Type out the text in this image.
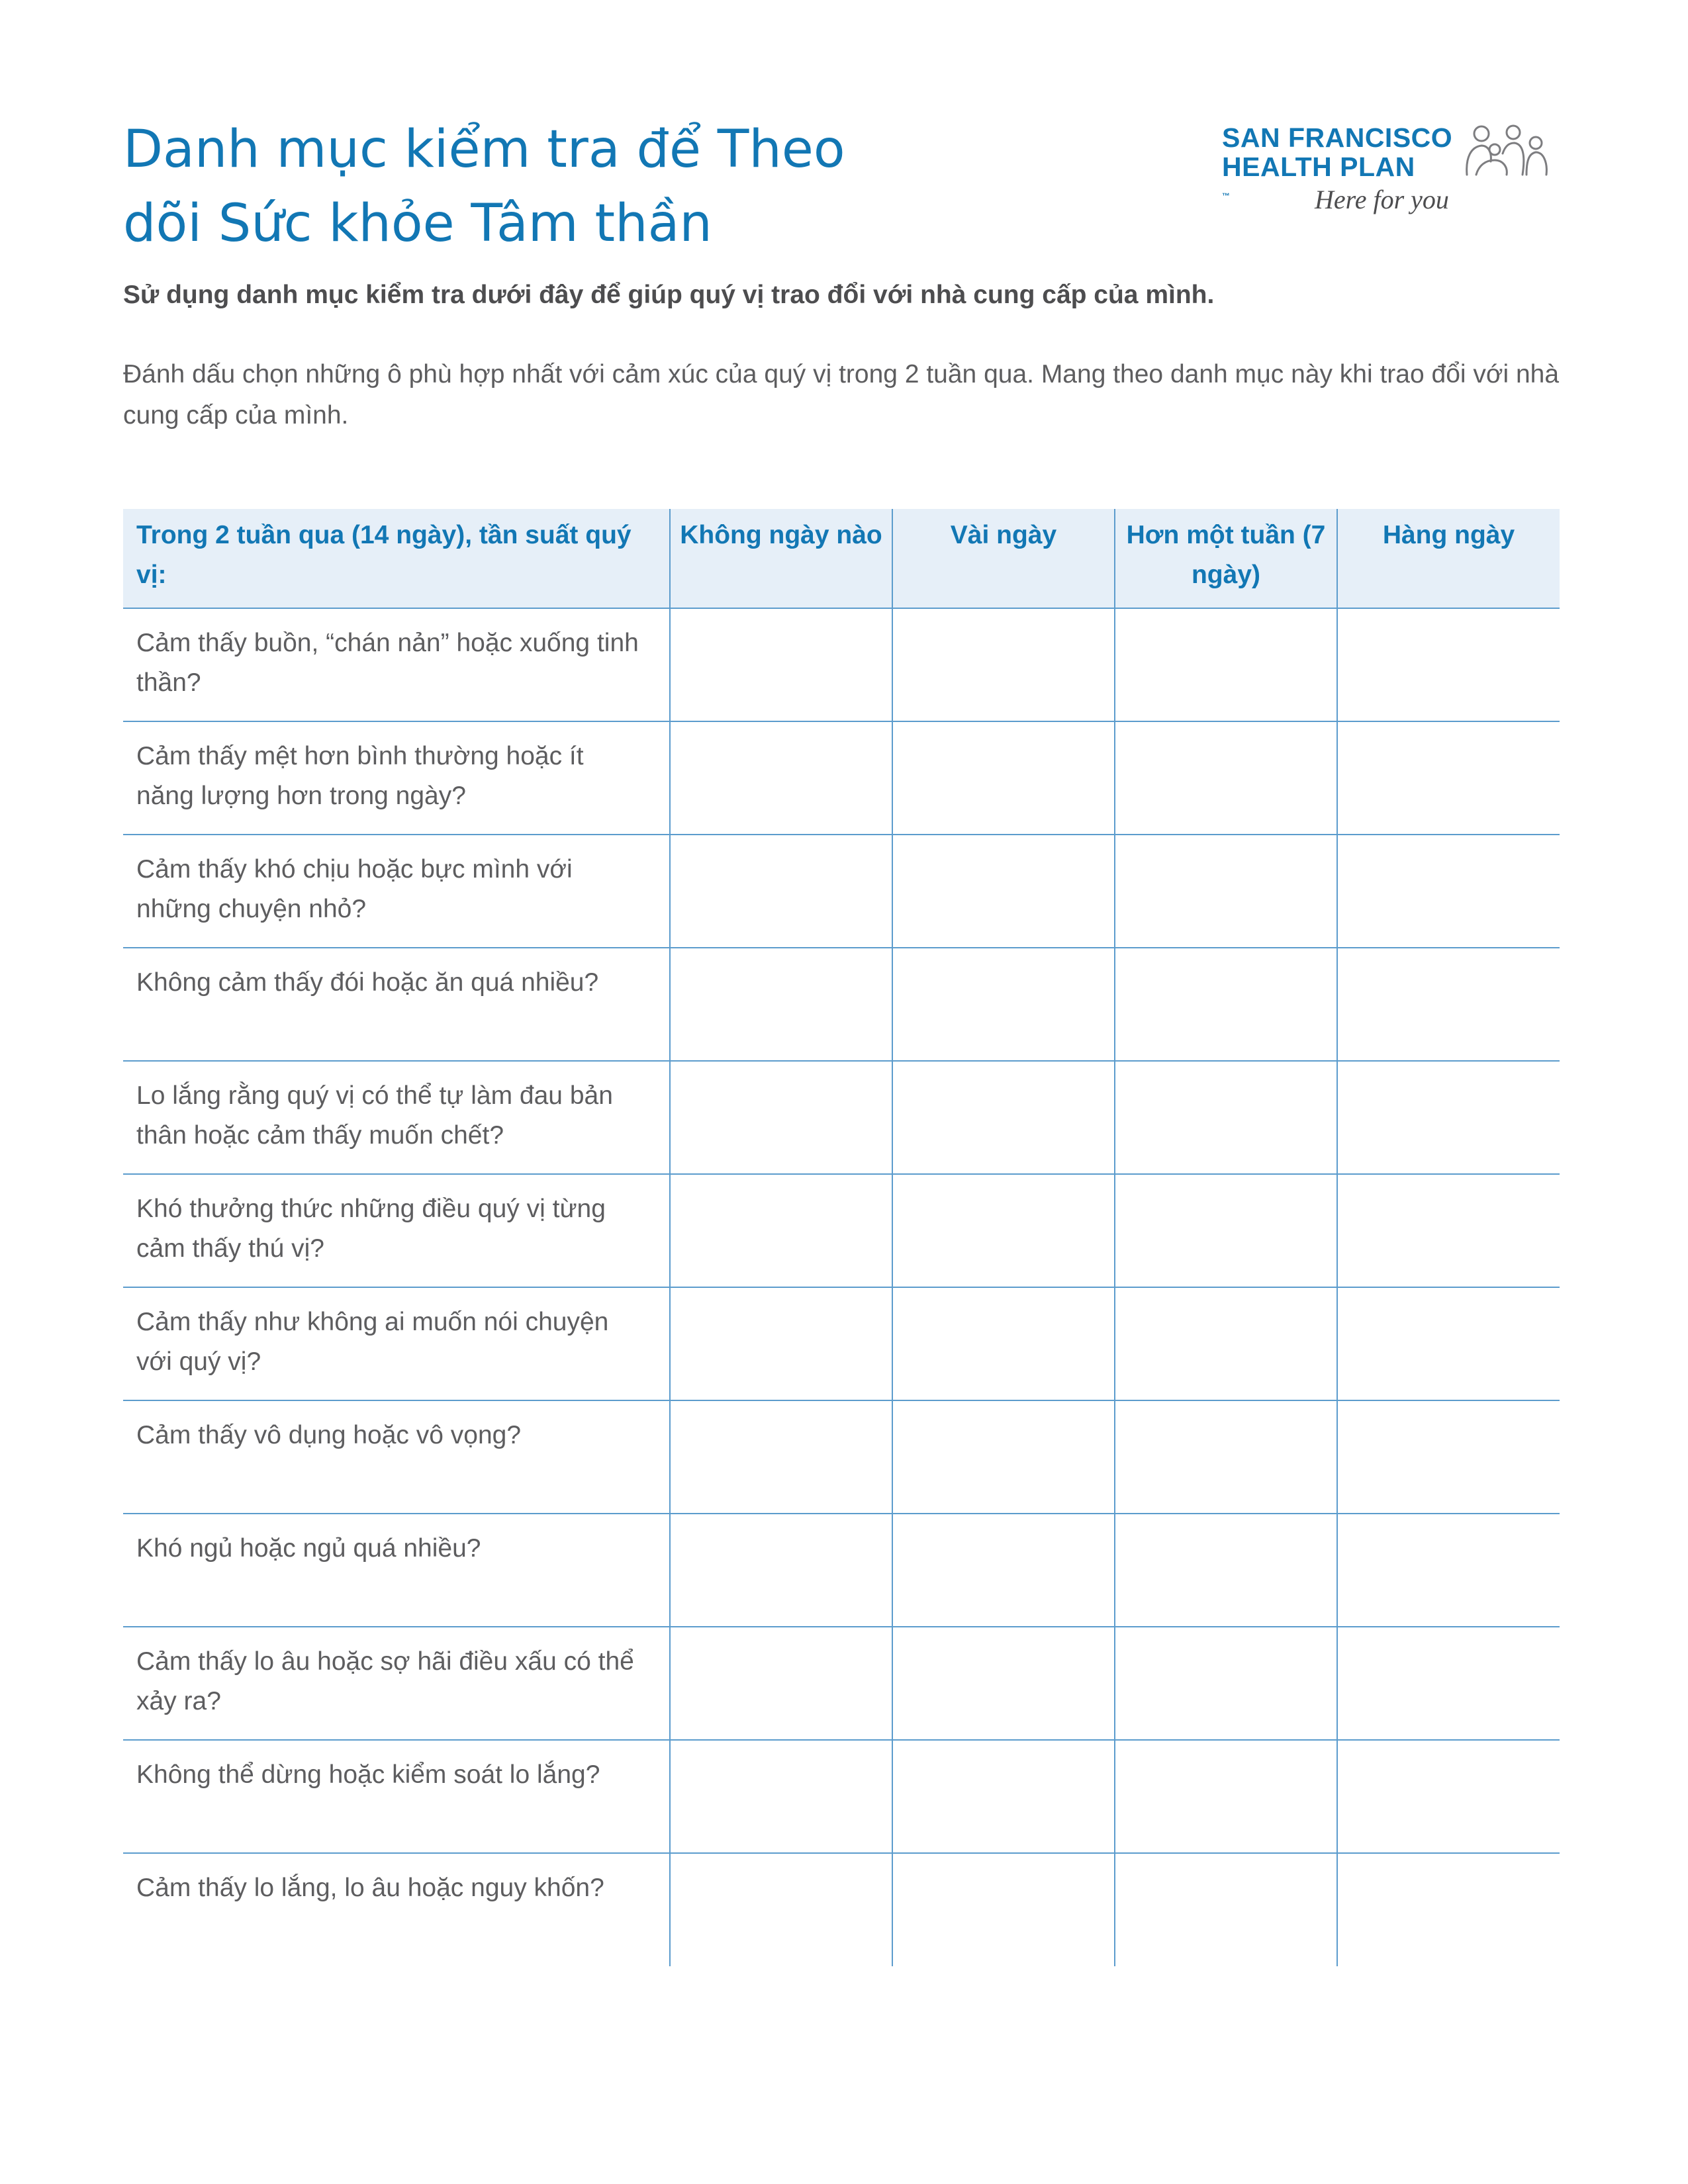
Danh mục kiểm tra để Theo
dõi Sức khỏe Tâm thần
SAN FRANCISCO
HEALTH PLAN
™	Here for you

Sử dụng danh mục kiểm tra dưới đây để giúp quý vị trao đổi với nhà cung cấp của mình.

Đánh dấu chọn những ô phù hợp nhất với cảm xúc của quý vị trong 2 tuần qua. Mang theo danh mục này khi trao đổi với nhà cung cấp của mình.

Trong 2 tuần qua (14 ngày), tần suất quý vị:	Không ngày nào	Vài ngày	Hơn một tuần (7 ngày)	Hàng ngày
Cảm thấy buồn, “chán nản” hoặc xuống tinh thần?				
Cảm thấy mệt hơn bình thường hoặc ít năng lượng hơn trong ngày?				
Cảm thấy khó chịu hoặc bực mình với những chuyện nhỏ?				
Không cảm thấy đói hoặc ăn quá nhiều?				
Lo lắng rằng quý vị có thể tự làm đau bản thân hoặc cảm thấy muốn chết?				
Khó thưởng thức những điều quý vị từng cảm thấy thú vị?				
Cảm thấy như không ai muốn nói chuyện với quý vị?				
Cảm thấy vô dụng hoặc vô vọng?				
Khó ngủ hoặc ngủ quá nhiều?				
Cảm thấy lo âu hoặc sợ hãi điều xấu có thể xảy ra?				
Không thể dừng hoặc kiểm soát lo lắng?				
Cảm thấy lo lắng, lo âu hoặc nguy khốn?				
